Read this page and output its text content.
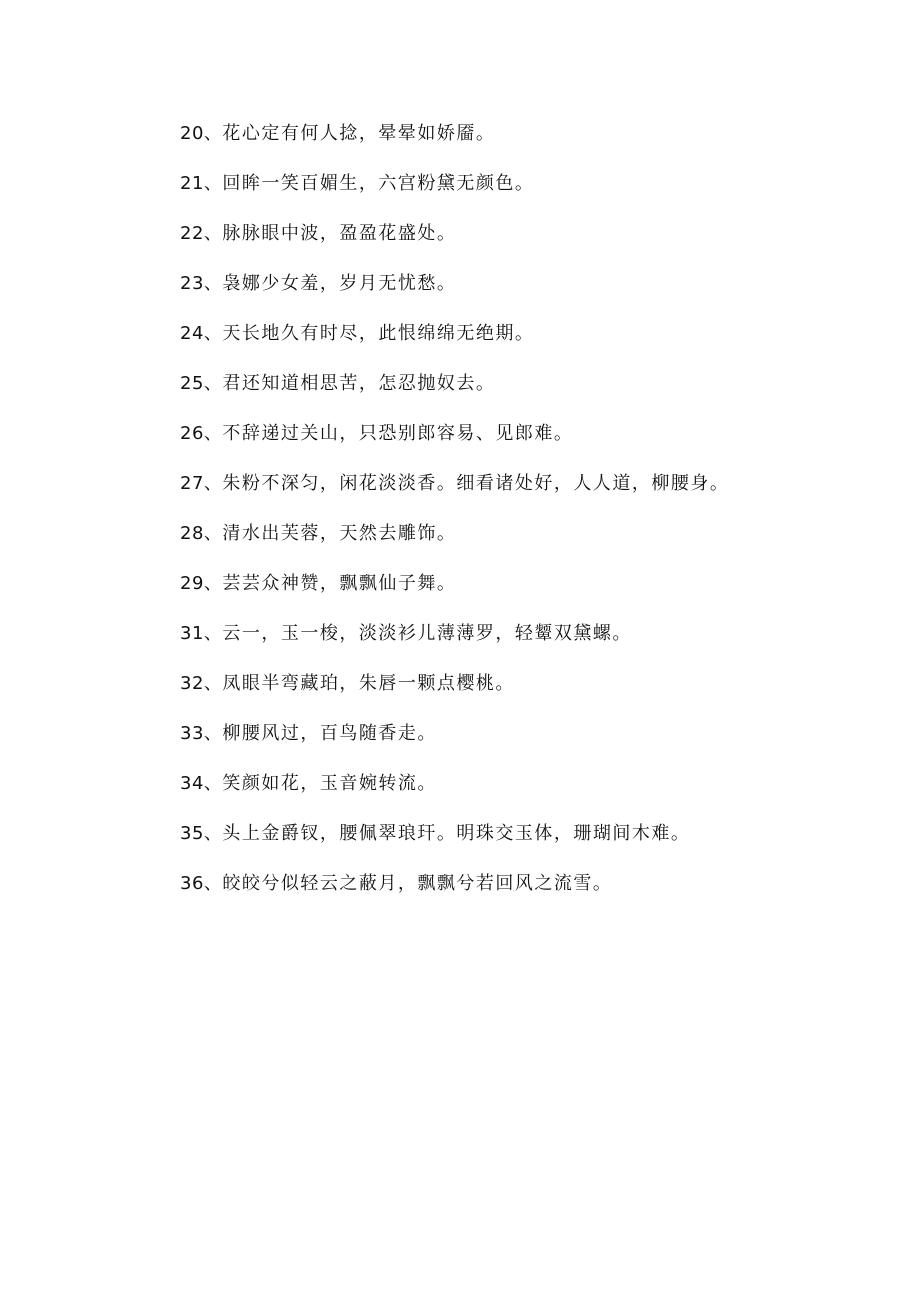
20、花心定有何人捻，晕晕如娇靥。
21、回眸一笑百媚生，六宫粉黛无颜色。
22、脉脉眼中波，盈盈花盛处。
23、袅娜少女羞，岁月无忧愁。
24、天长地久有时尽，此恨绵绵无绝期。
25、君还知道相思苦，怎忍抛奴去。
26、不辞递过关山，只恐别郎容易、见郎难。
27、朱粉不深匀，闲花淡淡香。细看诸处好，人人道，柳腰身。
28、清水出芙蓉，天然去雕饰。
29、芸芸众神赞，飘飘仙子舞。
31、云一，玉一梭，淡淡衫儿薄薄罗，轻颦双黛螺。
32、凤眼半弯藏珀，朱唇一颗点樱桃。
33、柳腰风过，百鸟随香走。
34、笑颜如花，玉音婉转流。
35、头上金爵钗，腰佩翠琅玕。明珠交玉体，珊瑚间木难。
36、皎皎兮似轻云之蔽月，飘飘兮若回风之流雪。
